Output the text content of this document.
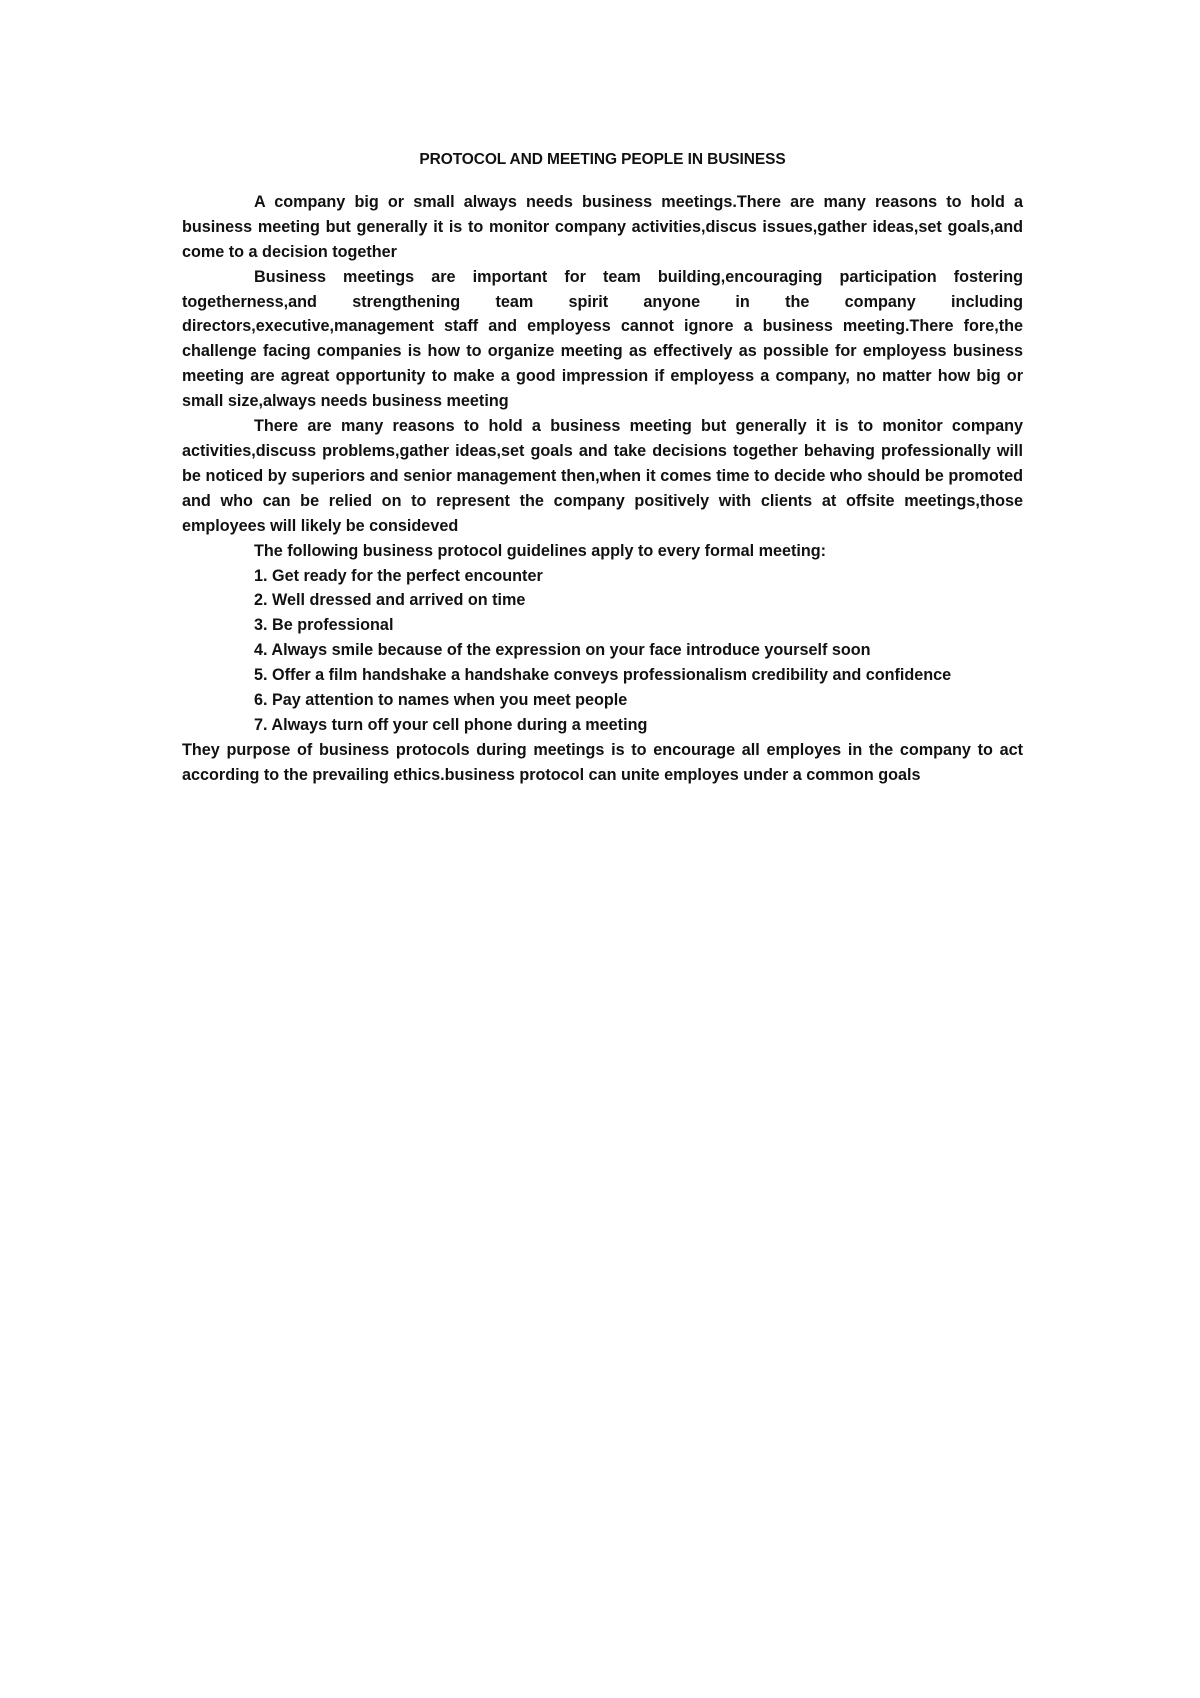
PROTOCOL AND MEETING PEOPLE IN BUSINESS

A company big or small always needs business meetings.There are many reasons to hold a business meeting but generally it is to monitor company activities,discus issues,gather ideas,set goals,and come to a decision together

Business meetings are important for team building,encouraging participation fostering togetherness,and strengthening team spirit anyone in the company including directors,executive,management staff and employess cannot ignore a business meeting.There fore,the challenge facing companies is how to organize meeting as effectively as possible for employess business meeting are agreat opportunity to make a good impression if employess a company, no matter how big or small size,always needs business meeting

There are many reasons to hold a business meeting but generally it is to monitor company activities,discuss problems,gather ideas,set goals and take decisions together behaving professionally will be noticed by superiors and senior management then,when it comes time to decide who should be promoted and who can be relied on to represent the company positively with clients at offsite meetings,those employees will likely be consideved

The following business protocol guidelines apply to every formal meeting:

1. Get ready for the perfect encounter
2. Well dressed and arrived on time
3. Be professional
4. Always smile because of the expression on your face introduce yourself soon
5. Offer a film handshake a handshake conveys professionalism credibility and confidence
6. Pay attention to names when you meet people
7. Always turn off your cell phone during a meeting

They purpose of business protocols during meetings is to encourage all employes in the company to act according to the prevailing ethics.business protocol can unite employes under a common goals
